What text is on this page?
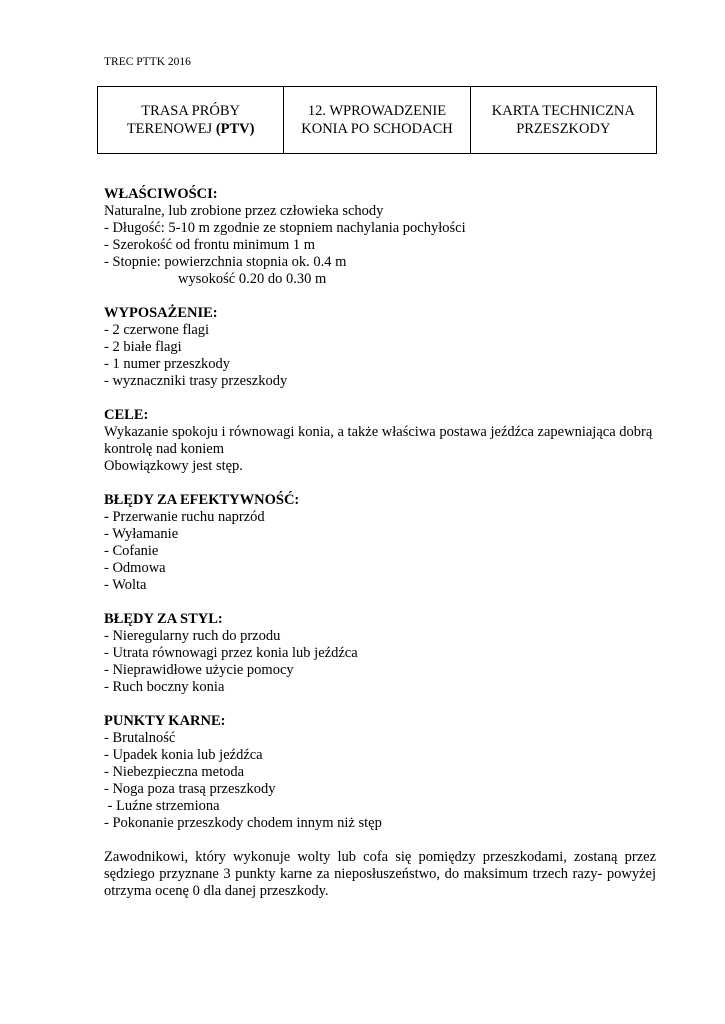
TREC PTTK 2016
TRASA PRÓBY
TERENOWEJ (PTV)
12. WPROWADZENIE
KONIA PO SCHODACH
KARTA TECHNICZNA
PRZESZKODY
WŁAŚCIWOŚCI:
Naturalne, lub zrobione przez człowieka schody
- Długość: 5-10 m zgodnie ze stopniem nachylania pochyłości
- Szerokość od frontu minimum 1 m
- Stopnie: powierzchnia stopnia ok. 0.4 m
wysokość 0.20 do 0.30 m
WYPOSAŻENIE:
- 2 czerwone flagi
- 2 białe flagi
- 1 numer przeszkody
- wyznaczniki trasy przeszkody
CELE:
Wykazanie spokoju i równowagi konia, a także właściwa postawa jeźdźca zapewniająca dobrą kontrolę nad koniem
Obowiązkowy jest stęp.
BŁĘDY ZA EFEKTYWNOŚĆ:
- Przerwanie ruchu naprzód
- Wyłamanie
- Cofanie
- Odmowa
- Wolta
BŁĘDY ZA STYL:
- Nieregularny ruch do przodu
- Utrata równowagi przez konia lub jeźdźca
- Nieprawidłowe użycie pomocy
- Ruch boczny konia
PUNKTY KARNE:
- Brutalność
- Upadek konia lub jeźdźca
- Niebezpieczna metoda
- Noga poza trasą przeszkody
- Luźne strzemiona
- Pokonanie przeszkody chodem innym niż stęp
Zawodnikowi, który wykonuje wolty lub cofa się pomiędzy przeszkodami, zostaną przez sędziego przyznane 3 punkty karne za nieposłuszeństwo, do maksimum trzech razy- powyżej otrzyma ocenę 0 dla danej przeszkody.
